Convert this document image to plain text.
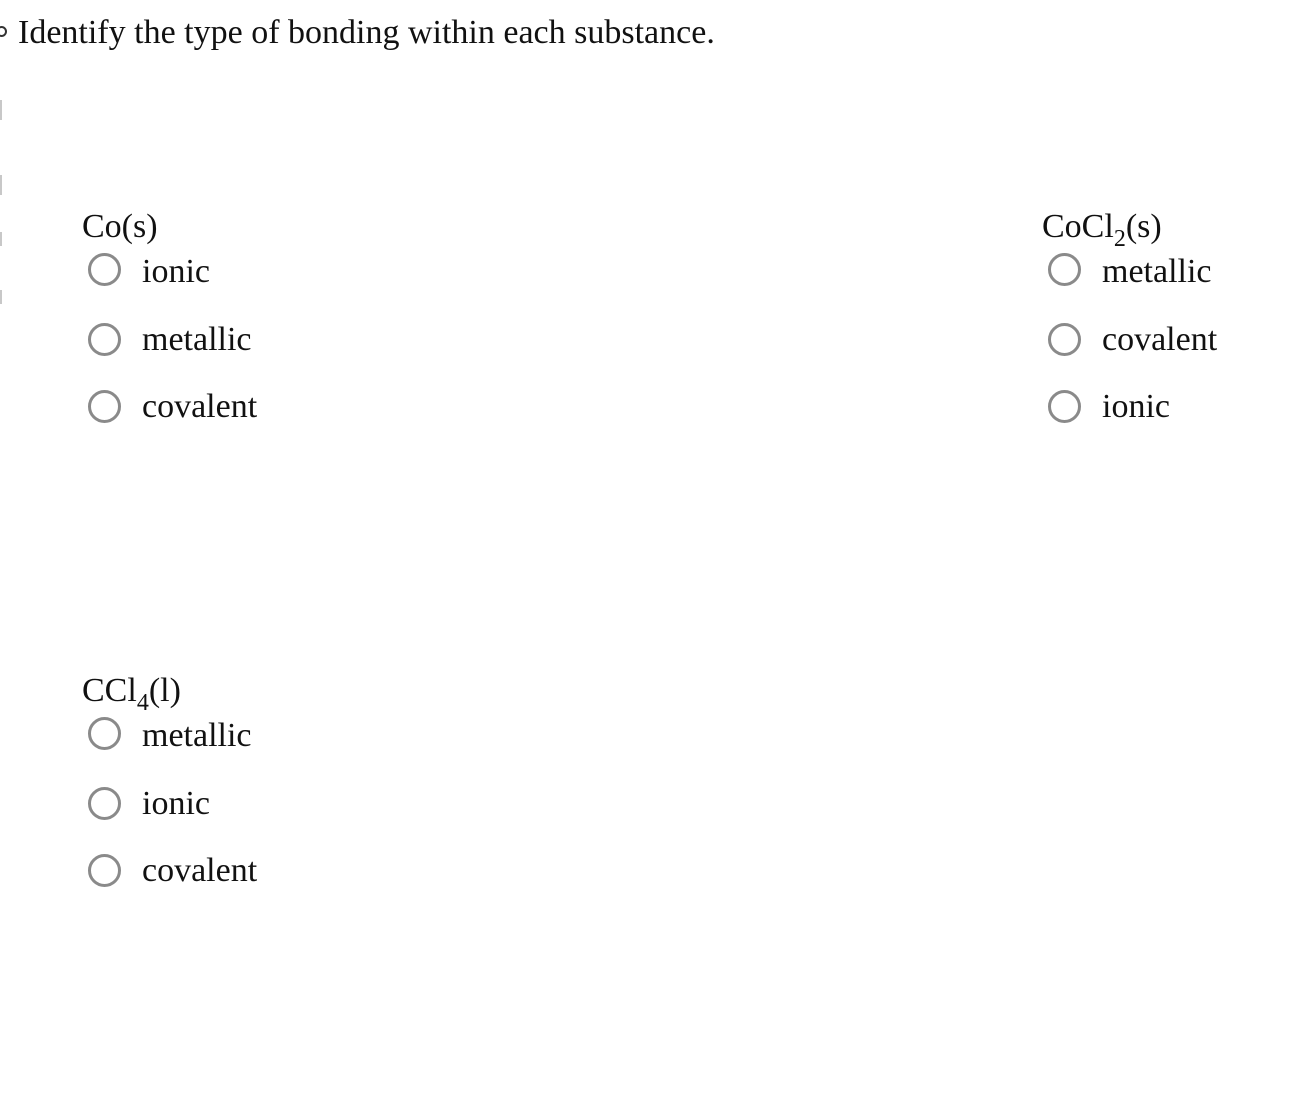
Identify the type of bonding within each substance.
Co(s)
ionic
metallic
covalent
CoCl$_2$(s)
metallic
covalent
ionic
CCl$_4$(l)
metallic
ionic
covalent
